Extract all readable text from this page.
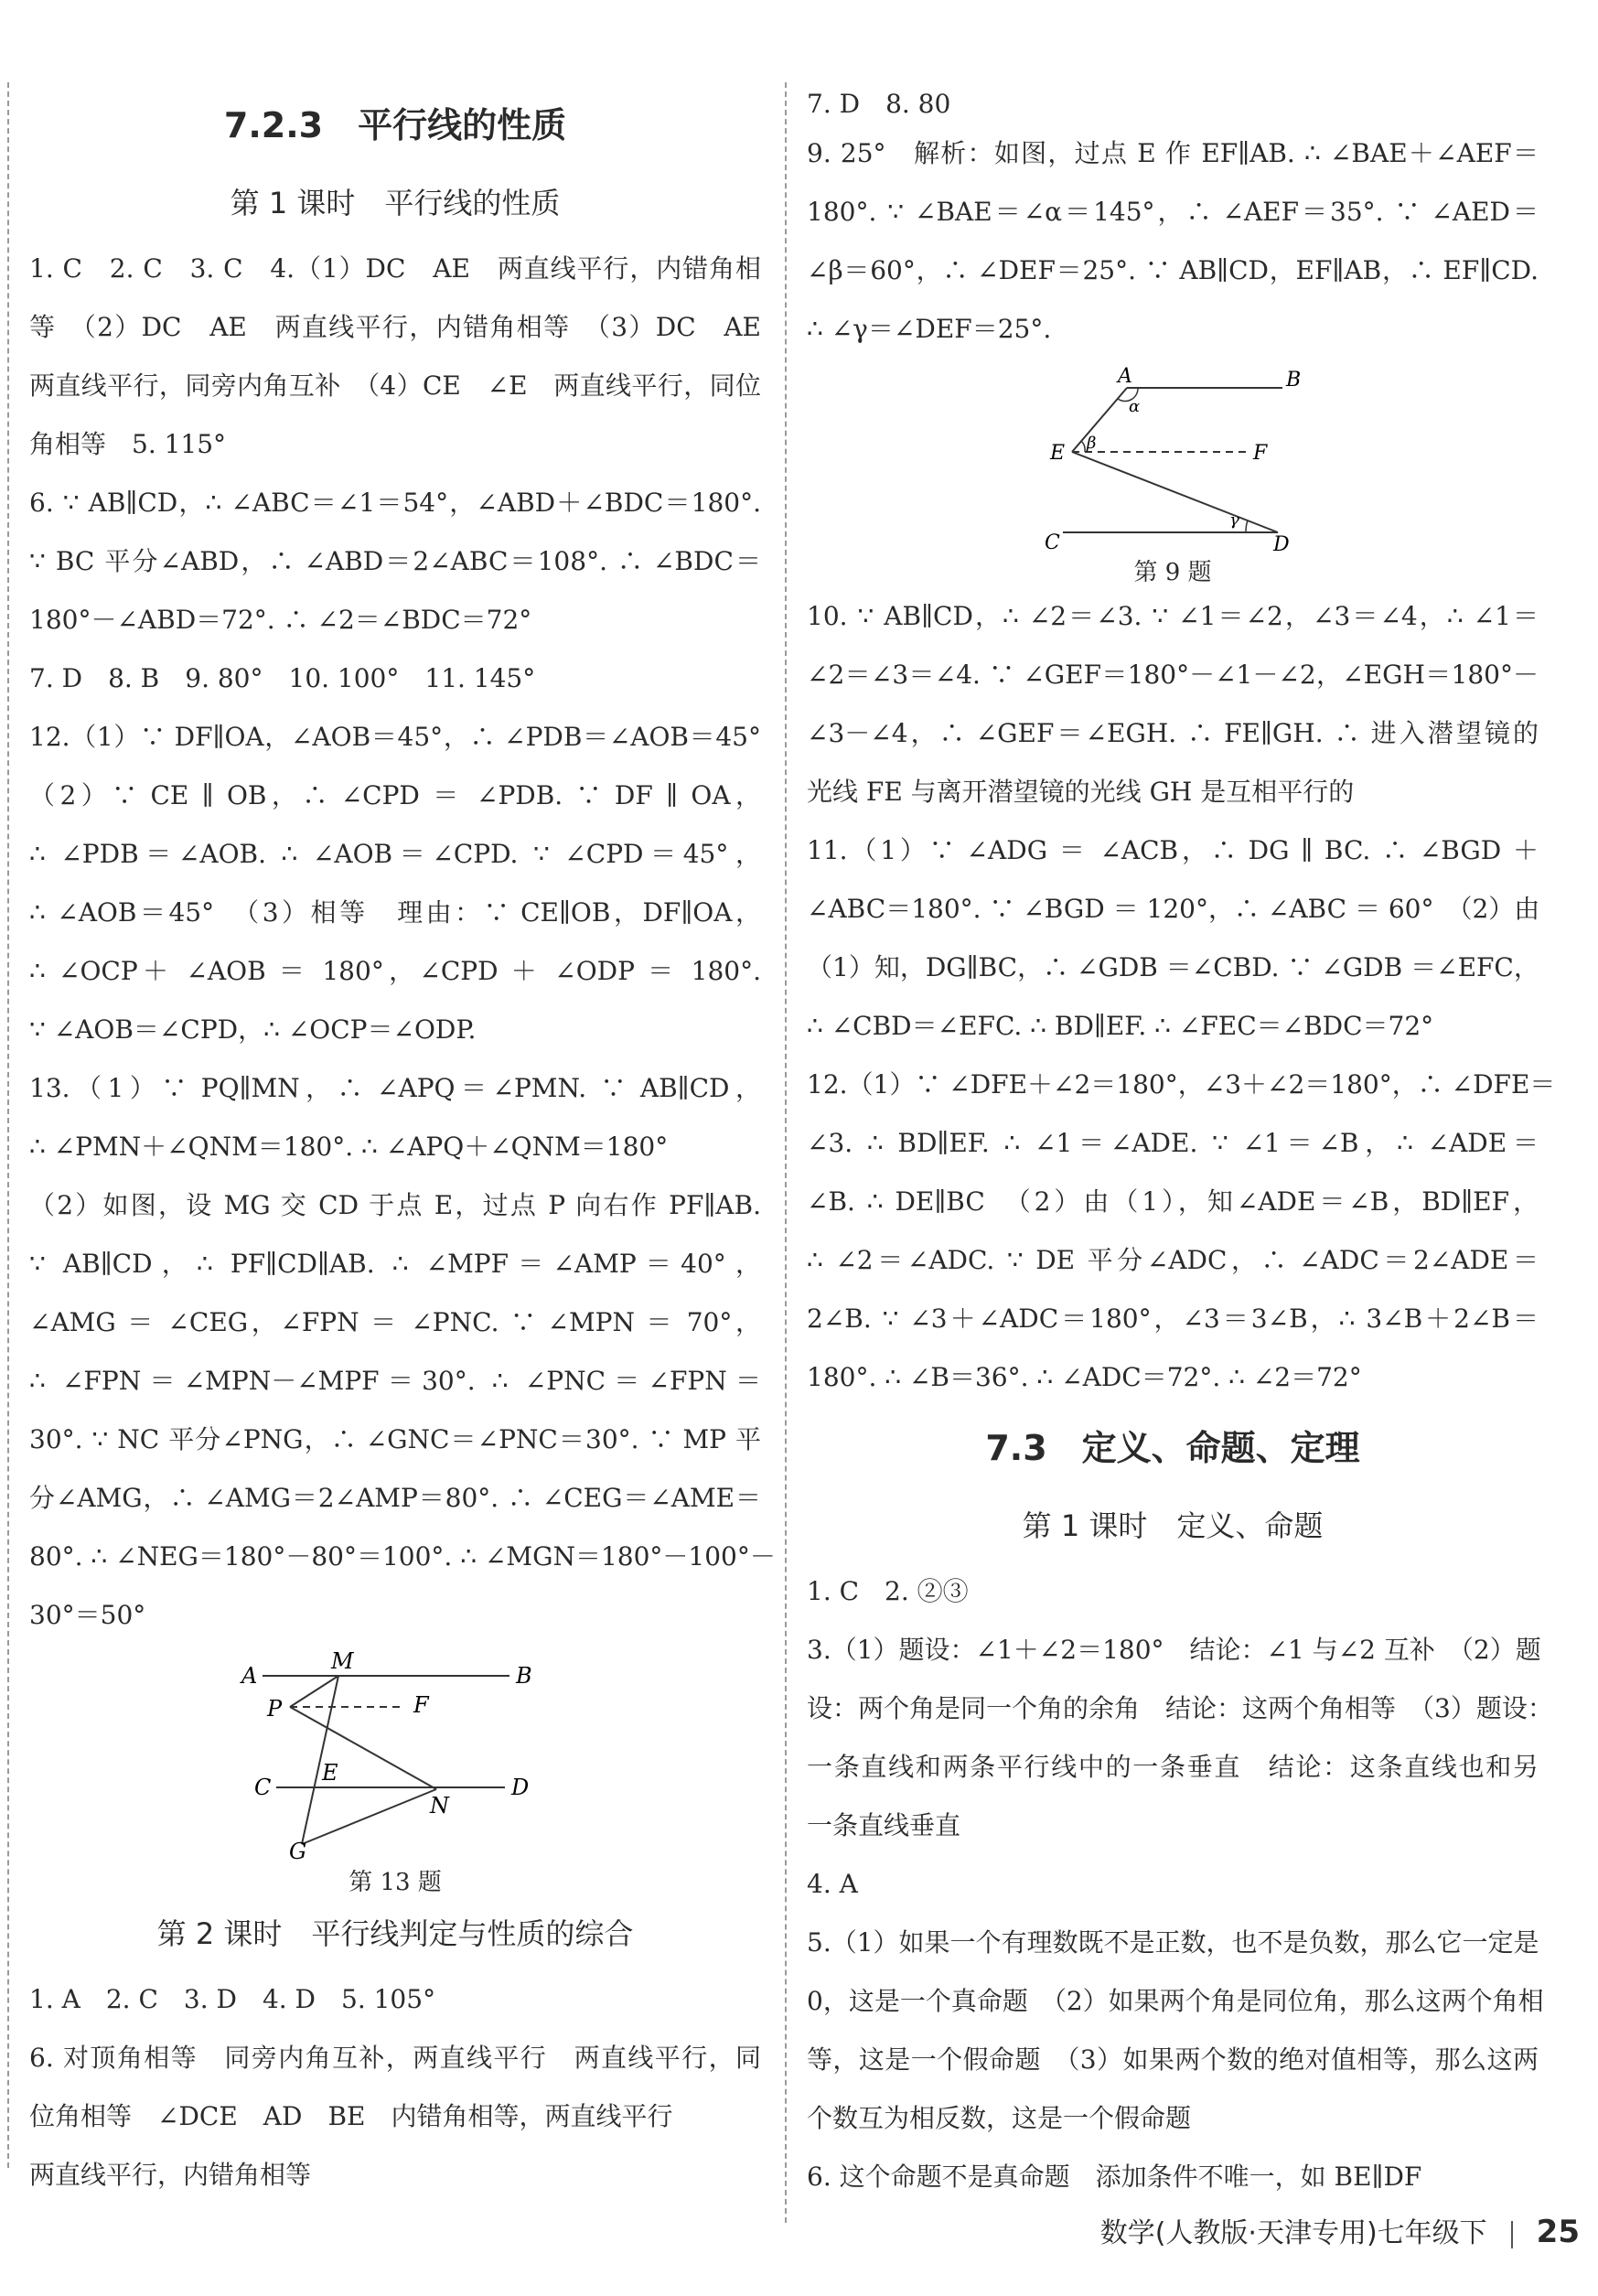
7.2.3　平行线的性质
第 1 课时　平行线的性质
1. C　2. C　3. C　4.（1）DC　AE　两直线平行，内错角相
等　（2）DC　AE　两直线平行，内错角相等　（3）DC　AE
两直线平行，同旁内角互补　（4）CE　∠E　两直线平行，同位
角相等　5. 115°
6. ∵ AB∥CD，∴ ∠ABC＝∠1＝54°，∠ABD＋∠BDC＝180°.
∵ BC 平分∠ABD，∴ ∠ABD＝2∠ABC＝108°. ∴ ∠BDC＝
180°－∠ABD＝72°. ∴ ∠2＝∠BDC＝72°
7. D　8. B　9. 80°　10. 100°　11. 145°
12.（1）∵ DF∥OA，∠AOB＝45°，∴ ∠PDB＝∠AOB＝45°
（2）∵ CE ∥ OB，∴ ∠CPD ＝ ∠PDB. ∵ DF ∥ OA，
∴ ∠PDB＝∠AOB. ∴ ∠AOB＝∠CPD. ∵ ∠CPD＝45°，
∴ ∠AOB＝45°　（3）相等　理由：∵ CE∥OB，DF∥OA，
∴ ∠OCP＋ ∠AOB ＝ 180°，∠CPD ＋ ∠ODP ＝ 180°.
∵ ∠AOB＝∠CPD，∴ ∠OCP＝∠ODP.
13.（1）∵ PQ∥MN，∴ ∠APQ＝∠PMN. ∵ AB∥CD，
∴ ∠PMN＋∠QNM＝180°. ∴ ∠APQ＋∠QNM＝180°
（2）如图，设 MG 交 CD 于点 E，过点 P 向右作 PF∥AB.
∵ AB∥CD，∴ PF∥CD∥AB. ∴ ∠MPF＝∠AMP＝40°，
∠AMG ＝ ∠CEG，∠FPN ＝ ∠PNC. ∵ ∠MPN ＝ 70°，
∴ ∠FPN＝∠MPN－∠MPF＝30°. ∴ ∠PNC＝∠FPN＝
30°. ∵ NC 平分∠PNG，∴ ∠GNC＝∠PNC＝30°. ∵ MP 平
分∠AMG，∴ ∠AMG＝2∠AMP＝80°. ∴ ∠CEG＝∠AME＝
80°. ∴ ∠NEG＝180°－80°＝100°. ∴ ∠MGN＝180°－100°－
30°＝50°
A
M
B
P	F
C
E
N
D
G
第 13 题
第 2 课时　平行线判定与性质的综合
1. A　2. C　3. D　4. D　5. 105°
6. 对顶角相等　同旁内角互补，两直线平行　两直线平行，同
位角相等　∠DCE　AD　BE　内错角相等，两直线平行
两直线平行，内错角相等
7. D　8. 80
9. 25°　解析：如图，过点 E 作 EF∥AB. ∴ ∠BAE＋∠AEF＝
180°. ∵ ∠BAE＝∠α＝145°，∴ ∠AEF＝35°. ∵ ∠AED＝
∠β＝60°，∴ ∠DEF＝25°. ∵ AB∥CD，EF∥AB，∴ EF∥CD.
∴ ∠γ＝∠DEF＝25°.
A	B
α
E β	F
γ
C	D
第 9 题
10. ∵ AB∥CD，∴ ∠2＝∠3. ∵ ∠1＝∠2，∠3＝∠4，∴ ∠1＝
∠2＝∠3＝∠4. ∵ ∠GEF＝180°－∠1－∠2，∠EGH＝180°－
∠3－∠4，∴ ∠GEF＝∠EGH. ∴ FE∥GH. ∴ 进入潜望镜的
光线 FE 与离开潜望镜的光线 GH 是互相平行的
11.（1）∵ ∠ADG ＝ ∠ACB，∴ DG ∥ BC. ∴ ∠BGD ＋
∠ABC＝180°. ∵ ∠BGD ＝ 120°，∴ ∠ABC ＝ 60°　（2）由
（1）知，DG∥BC，∴ ∠GDB ＝∠CBD. ∵ ∠GDB ＝∠EFC，
∴ ∠CBD＝∠EFC. ∴ BD∥EF. ∴ ∠FEC＝∠BDC＝72°
12.（1）∵ ∠DFE＋∠2＝180°，∠3＋∠2＝180°，∴ ∠DFE＝
∠3. ∴ BD∥EF. ∴ ∠1＝∠ADE. ∵ ∠1＝∠B，∴ ∠ADE＝
∠B. ∴ DE∥BC　（2）由（1），知∠ADE＝∠B，BD∥EF，
∴ ∠2＝∠ADC. ∵ DE 平分∠ADC，∴ ∠ADC＝2∠ADE＝
2∠B. ∵ ∠3＋∠ADC＝180°，∠3＝3∠B，∴ 3∠B＋2∠B＝
180°. ∴ ∠B＝36°. ∴ ∠ADC＝72°. ∴ ∠2＝72°
7.3　定义、命题、定理
第 1 课时　定义、命题
1. C　2. ②③
3.（1）题设：∠1＋∠2＝180°　结论：∠1 与∠2 互补　（2）题
设：两个角是同一个角的余角　结论：这两个角相等　（3）题设：
一条直线和两条平行线中的一条垂直　结论：这条直线也和另
一条直线垂直
4. A
5.（1）如果一个有理数既不是正数，也不是负数，那么它一定是
0，这是一个真命题　（2）如果两个角是同位角，那么这两个角相
等，这是一个假命题　（3）如果两个数的绝对值相等，那么这两
个数互为相反数，这是一个假命题
6. 这个命题不是真命题　添加条件不唯一，如 BE∥DF
数学(人教版·天津专用)七年级下 25
